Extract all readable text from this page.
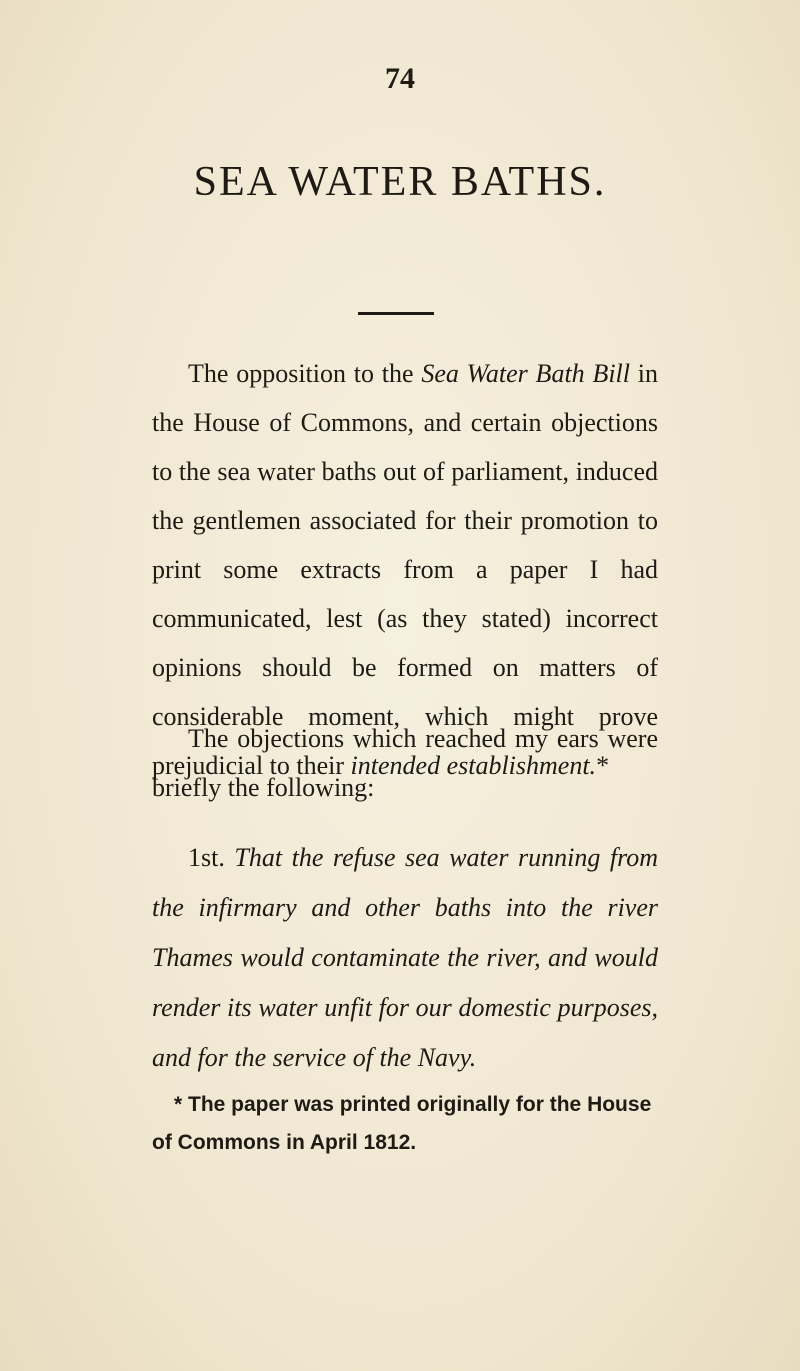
74

SEA WATER BATHS.

The opposition to the Sea Water Bath Bill in the House of Commons, and certain objections to the sea water baths out of parliament, induced the gentlemen associated for their promotion to print some extracts from a paper I had communicated, lest (as they stated) incorrect opinions should be formed on matters of considerable moment, which might prove prejudicial to their intended establishment.*

The objections which reached my ears were briefly the following:

1st. That the refuse sea water running from the infirmary and other baths into the river Thames would contaminate the river, and would render its water unfit for our domestic purposes, and for the service of the Navy.

* The paper was printed originally for the House of Commons in April 1812.
